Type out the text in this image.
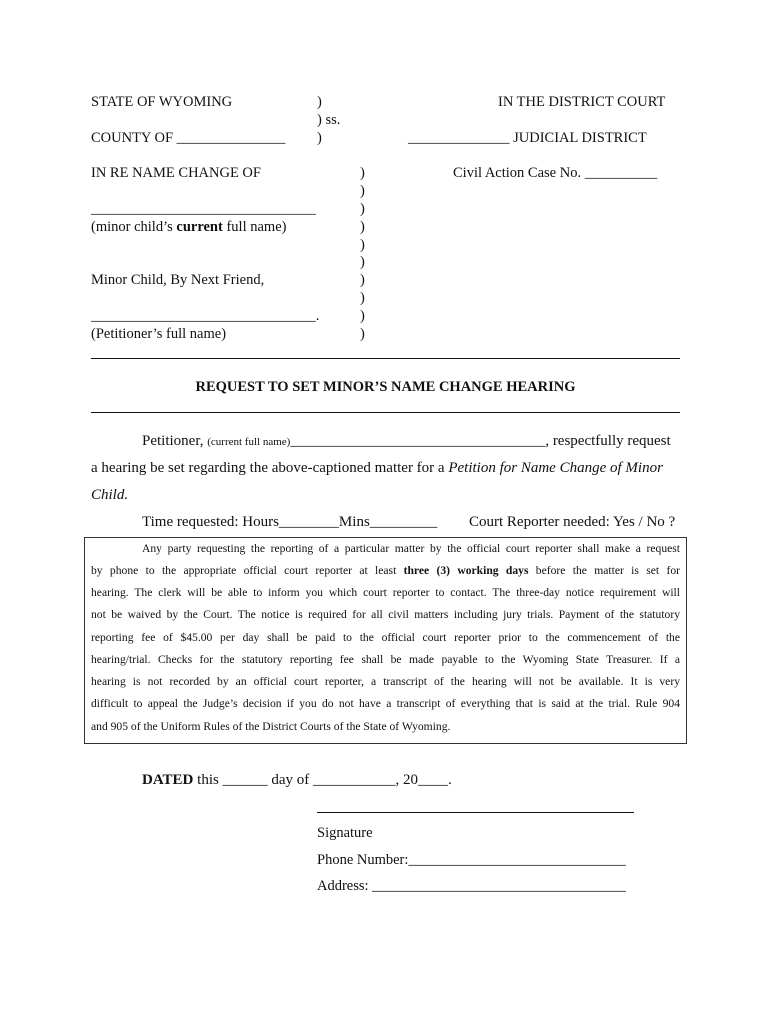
STATE OF WYOMING	)
) ss.
COUNTY OF _______________ )
IN THE DISTRICT COURT
______________ JUDICIAL DISTRICT
IN RE NAME CHANGE OF	Civil Action Case No. __________
_______________________________
(minor child’s current full name)
Minor Child, By Next Friend,
_______________________________.
(Petitioner’s full name)
)
)
)
)
)
)
)
)
)
)
REQUEST TO SET MINOR’S NAME CHANGE HEARING
Petitioner, (current full name)__________________________________, respectfully request
a hearing be set regarding the above-captioned matter for a Petition for Name Change of Minor
Child.
Time requested: Hours________Mins_________ Court Reporter needed: Yes / No ?
Any party requesting the reporting of a particular matter by the official court reporter shall make a request
by phone to the appropriate official court reporter at least three (3) working days before the matter is set for
hearing. The clerk will be able to inform you which court reporter to contact. The three-day notice requirement will
not be waived by the Court. The notice is required for all civil matters including jury trials. Payment of the statutory
reporting fee of $45.00 per day shall be paid to the official court reporter prior to the commencement of the
hearing/trial. Checks for the statutory reporting fee shall be made payable to the Wyoming State Treasurer. If a
hearing is not recorded by an official court reporter, a transcript of the hearing will not be available. It is very
difficult to appeal the Judge’s decision if you do not have a transcript of everything that is said at the trial. Rule 904
and 905 of the Uniform Rules of the District Courts of the State of Wyoming.
DATED this ______ day of ___________, 20____.
Signature
Phone Number:______________________________
Address: ___________________________________
